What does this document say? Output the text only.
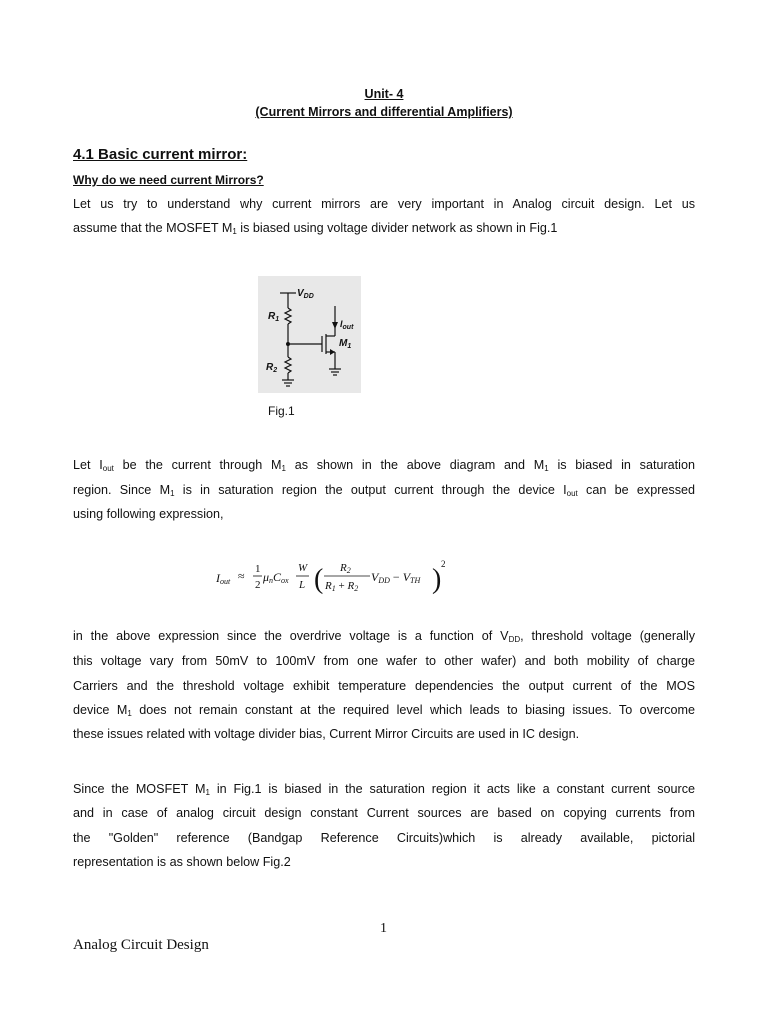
Unit- 4
(Current Mirrors and differential Amplifiers)
4.1 Basic current mirror:
Why do we need current Mirrors?
Let us try to understand why current mirrors are very important in Analog circuit design. Let us
assume that the MOSFET $M_1$ is biased using voltage divider network as shown in Fig.1
$V_{DD}$
$R_1$
$R_2$
$I_{out}$
$M_1$
Fig.1
Let $I_{out}$ be the current through $M_1$ as shown in the above diagram and $M_1$ is biased in saturation
region. Since $M_1$ is in saturation region the output current through the device $I_{out}$ can be expressed
using following expression,
Iout ≈ 1
2
μnCox
W
L ( R2
R1 + R2
VDD − VTH ) 2
in the above expression since the overdrive voltage is a function of $V_{DD}$, threshold voltage (generally
this voltage vary from 50mV to 100mV from one wafer to other wafer) and both mobility of charge
Carriers and the threshold voltage exhibit temperature dependencies the output current of the MOS
device $M_1$ does not remain constant at the required level which leads to biasing issues. To overcome
these issues related with voltage divider bias, Current Mirror Circuits are used in IC design.
Since the MOSFET $M_1$ in Fig.1 is biased in the saturation region it acts like a constant current source
and in case of analog circuit design constant Current sources are based on copying currents from
the "Golden" reference (Bandgap Reference Circuits)which is already available, pictorial
representation is as shown below Fig.2
1
Analog Circuit Design
